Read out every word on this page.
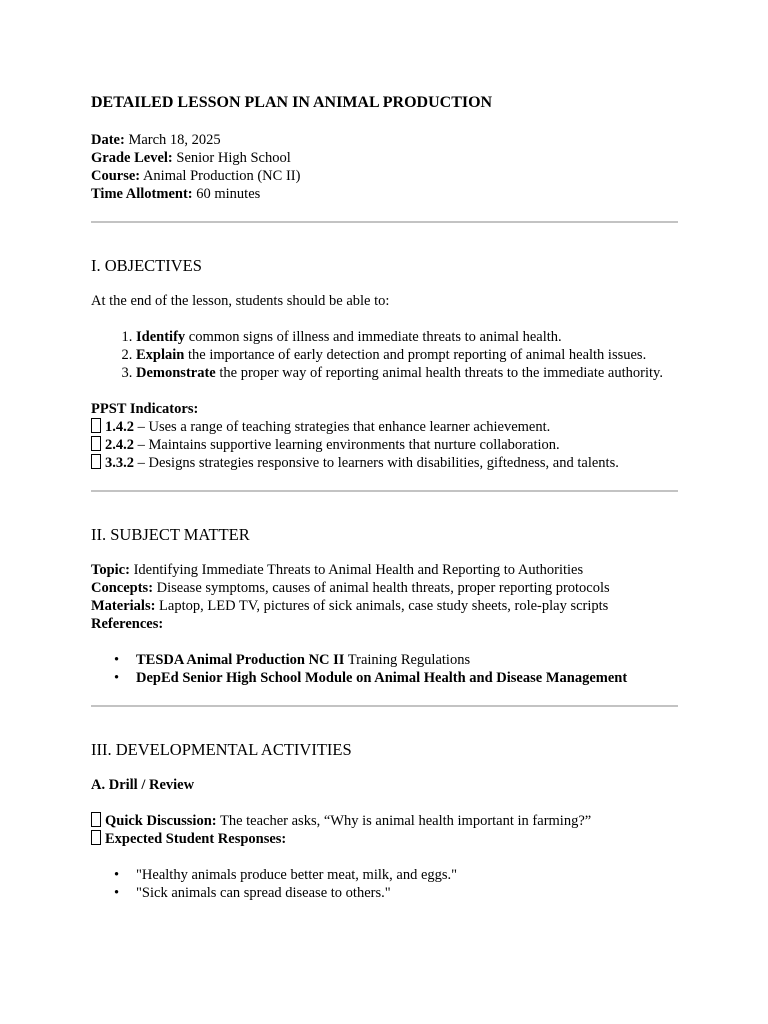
DETAILED LESSON PLAN IN ANIMAL PRODUCTION
Date: March 18, 2025
Grade Level: Senior High School
Course: Animal Production (NC II)
Time Allotment: 60 minutes
I. OBJECTIVES

At the end of the lesson, students should be able to:

1. Identify common signs of illness and immediate threats to animal health.
2. Explain the importance of early detection and prompt reporting of animal health issues.
3. Demonstrate the proper way of reporting animal health threats to the immediate authority.
PPST Indicators:
1.4.2 – Uses a range of teaching strategies that enhance learner achievement.
2.4.2 – Maintains supportive learning environments that nurture collaboration.
3.3.2 – Designs strategies responsive to learners with disabilities, giftedness, and talents.
II. SUBJECT MATTER
Topic: Identifying Immediate Threats to Animal Health and Reporting to Authorities
Concepts: Disease symptoms, causes of animal health threats, proper reporting protocols
Materials: Laptop, LED TV, pictures of sick animals, case study sheets, role-play scripts
References:
• TESDA Animal Production NC II Training Regulations
• DepEd Senior High School Module on Animal Health and Disease Management
III. DEVELOPMENTAL ACTIVITIES
A. Drill / Review
Quick Discussion: The teacher asks, “Why is animal health important in farming?”
Expected Student Responses:
• "Healthy animals produce better meat, milk, and eggs."
• "Sick animals can spread disease to others."
